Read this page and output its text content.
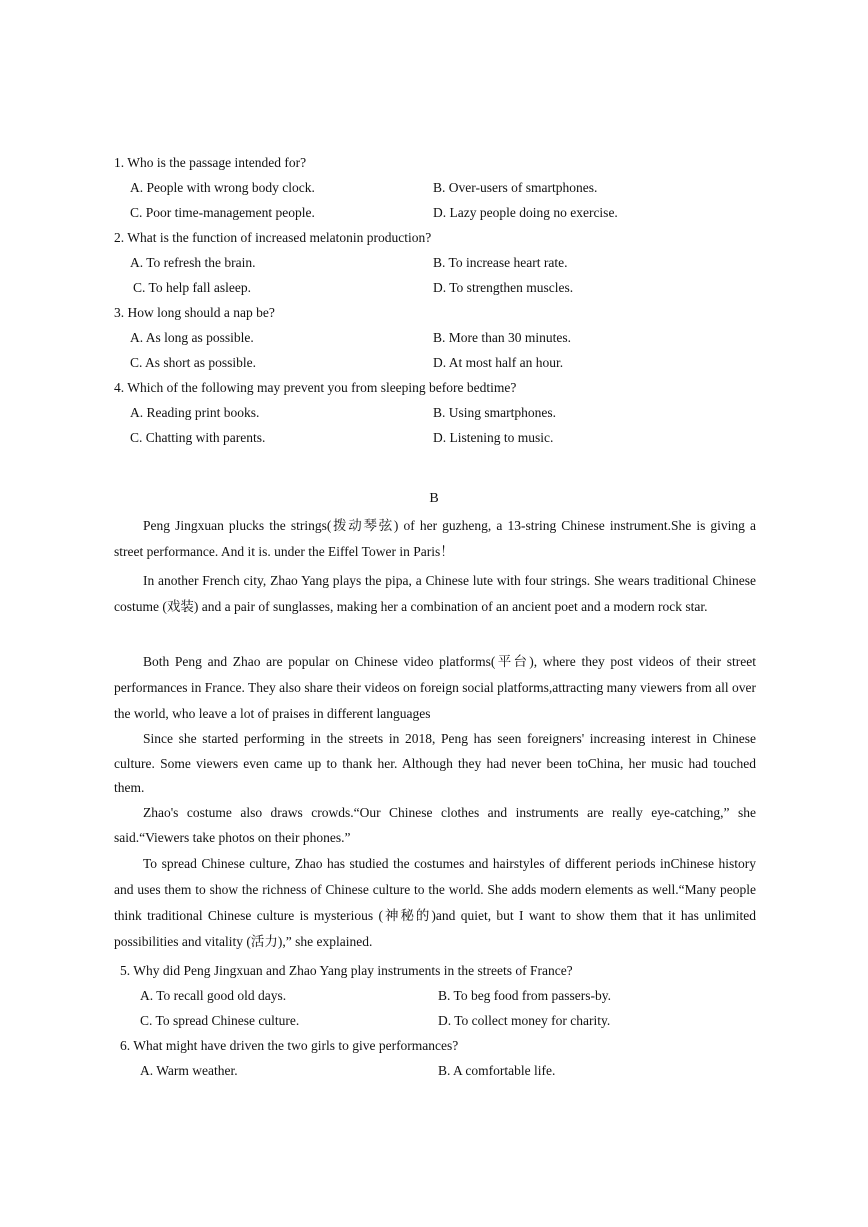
1. Who is the passage intended for?
A. People with wrong body clock.	B. Over-users of smartphones.
C. Poor time-management people.	D. Lazy people doing no exercise.
2. What is the function of increased melatonin production?
A. To refresh the brain.	B. To increase heart rate.
C. To help fall asleep.	D. To strengthen muscles.
3. How long should a nap be?
A. As long as possible.	B. More than 30 minutes.
C. As short as possible.	D. At most half an hour.
4. Which of the following may prevent you from sleeping before bedtime?
A. Reading print books.	B. Using smartphones.
C. Chatting with parents.	D. Listening to music.
B

Peng Jingxuan plucks the strings(拨动琴弦) of her guzheng, a 13-string Chinese instrument.She is giving a street performance. And it is. under the Eiffel Tower in Paris！

In another French city, Zhao Yang plays the pipa, a Chinese lute with four strings. She wears traditional Chinese costume (戏装) and a pair of sunglasses, making her a combination of an ancient poet and a modern rock star.

Both Peng and Zhao are popular on Chinese video platforms(平台), where they post videos of their street performances in France. They also share their videos on foreign social platforms,attracting many viewers from all over the world, who leave a lot of praises in different languages

Since she started performing in the streets in 2018, Peng has seen foreigners' increasing interest in Chinese culture. Some viewers even came up to thank her. Although they had never been toChina, her music had touched them.

Zhao's costume also draws crowds.“Our Chinese clothes and instruments are really eye-catching,” she said.“Viewers take photos on their phones.”

To spread Chinese culture, Zhao has studied the costumes and hairstyles of different periods inChinese history and uses them to show the richness of Chinese culture to the world. She adds modern elements as well.“Many people think traditional Chinese culture is mysterious (神秘的)and quiet, but I want to show them that it has unlimited possibilities and vitality (活力),” she explained.

5. Why did Peng Jingxuan and Zhao Yang play instruments in the streets of France?
A. To recall good old days.	B. To beg food from passers-by.
C. To spread Chinese culture.	D. To collect money for charity.
6. What might have driven the two girls to give performances?
A. Warm weather.	B. A comfortable life.
